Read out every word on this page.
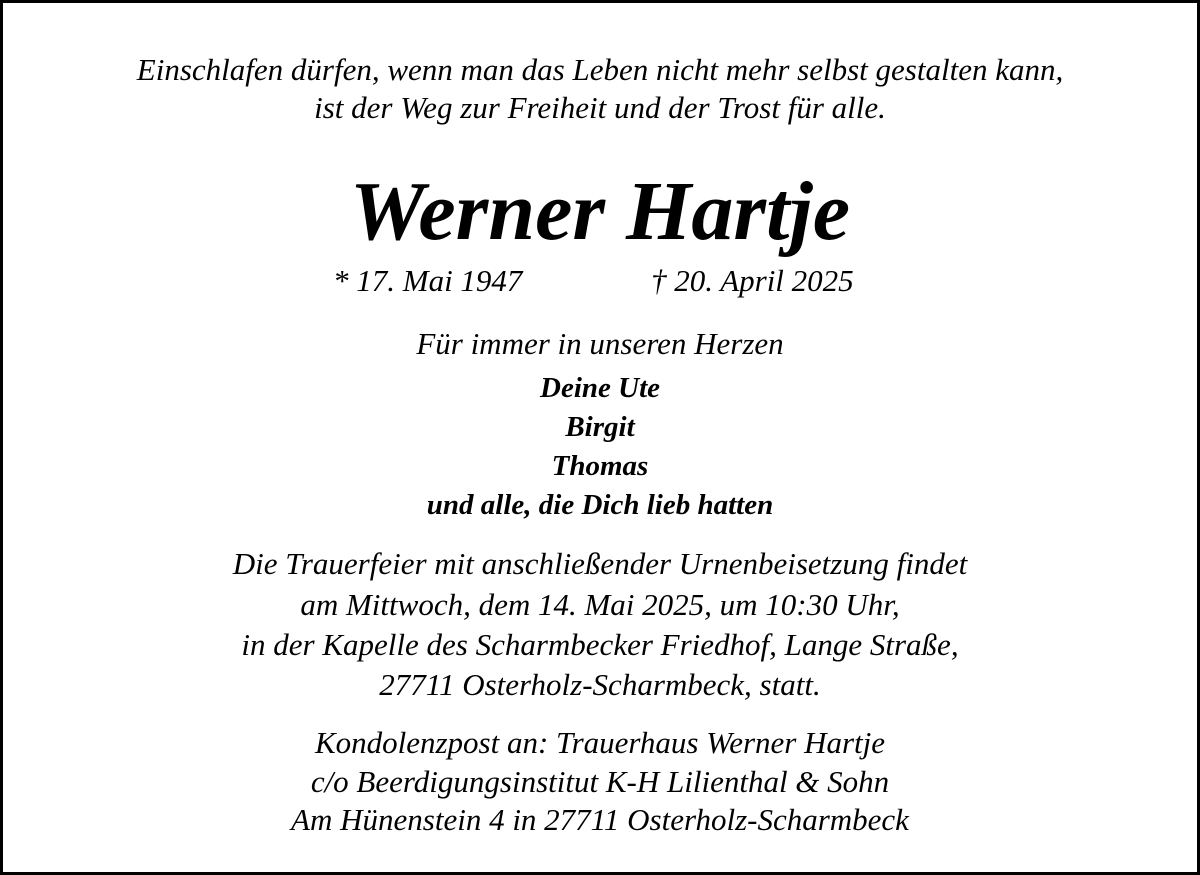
Einschlafen dürfen, wenn man das Leben nicht mehr selbst gestalten kann,

ist der Weg zur Freiheit und der Trost für alle.

Werner Hartje
* 17. Mai 1947	† 20. April 2025

Für immer in unseren Herzen

Deine Ute

Birgit

Thomas

und alle, die Dich lieb hatten

Die Trauerfeier mit anschließender Urnenbeisetzung findet

am Mittwoch, dem 14. Mai 2025, um 10:30 Uhr,

in der Kapelle des Scharmbecker Friedhof, Lange Straße,

27711 Osterholz-Scharmbeck, statt.

Kondolenzpost an: Trauerhaus Werner Hartje

c/o Beerdigungsinstitut K-H Lilienthal & Sohn

Am Hünenstein 4 in 27711 Osterholz-Scharmbeck
